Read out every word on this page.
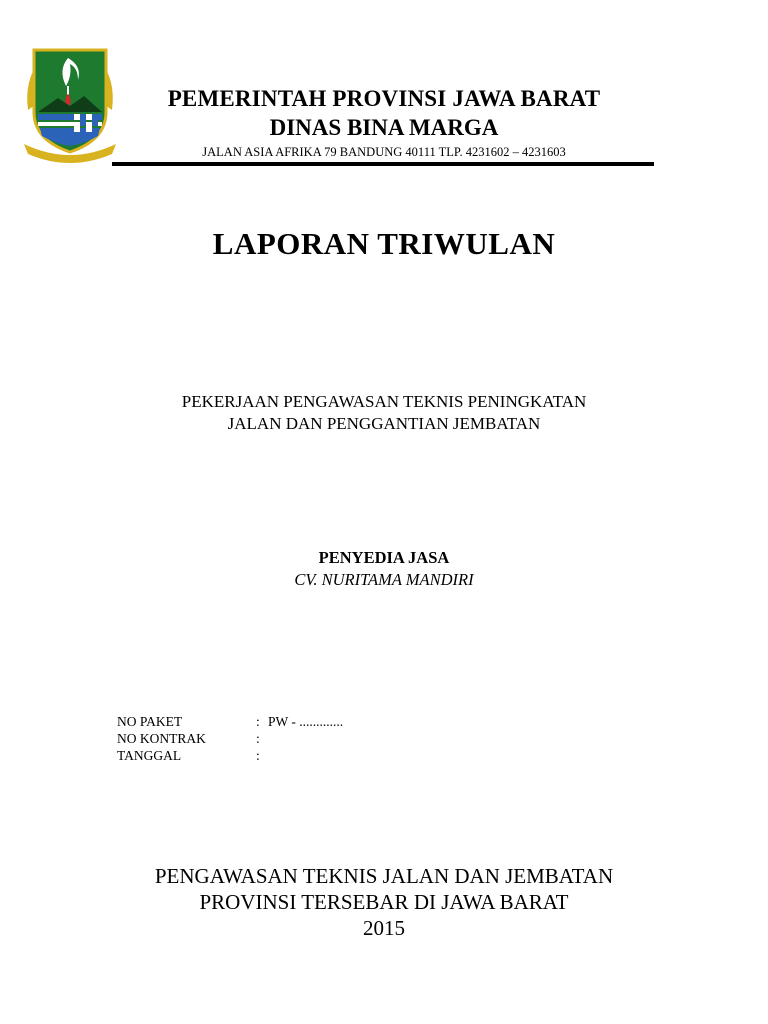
PEMERINTAH PROVINSI JAWA BARAT
DINAS BINA MARGA
JALAN ASIA AFRIKA 79 BANDUNG 40111 TLP. 4231602 – 4231603
LAPORAN TRIWULAN
PEKERJAAN PENGAWASAN TEKNIS PENINGKATAN
JALAN DAN PENGGANTIAN JEMBATAN
PENYEDIA JASA
CV. NURITAMA MANDIRI
NO PAKET	: PW - .............
NO KONTRAK	:
TANGGAL	:
PENGAWASAN TEKNIS JALAN DAN JEMBATAN
PROVINSI TERSEBAR DI JAWA BARAT
2015
